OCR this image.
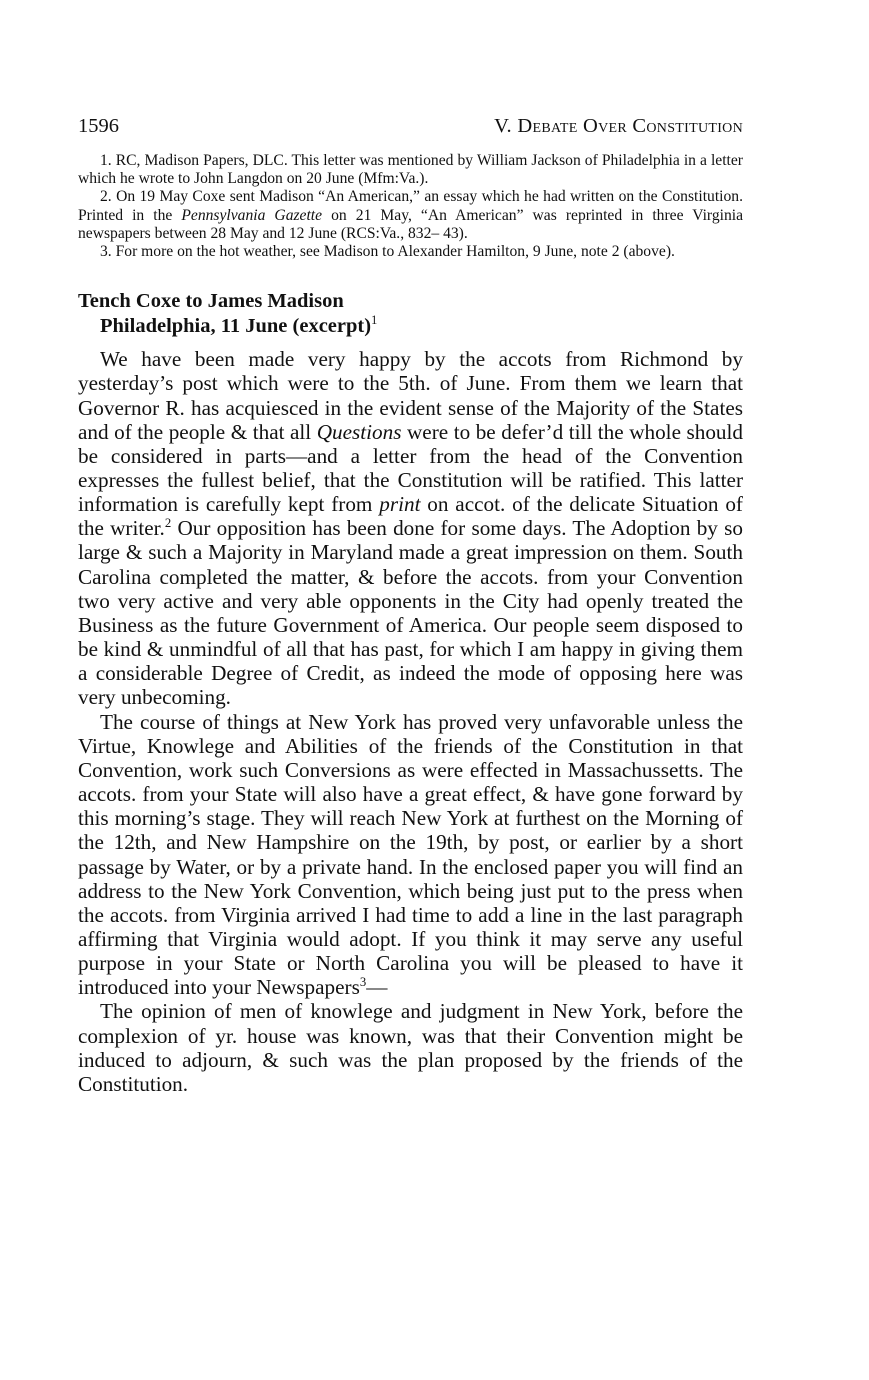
1596	V. Debate Over Constitution

1. RC, Madison Papers, DLC. This letter was mentioned by William Jackson of Philadelphia in a letter which he wrote to John Langdon on 20 June (Mfm:Va.).

2. On 19 May Coxe sent Madison “An American,” an essay which he had written on the Constitution. Printed in the Pennsylvania Gazette on 21 May, “An American” was reprinted in three Virginia newspapers between 28 May and 12 June (RCS:Va., 832– 43).

3. For more on the hot weather, see Madison to Alexander Hamilton, 9 June, note 2 (above).

Tench Coxe to James Madison
Philadelphia, 11 June (excerpt)$^1$

We have been made very happy by the accots from Richmond by yesterday’s post which were to the 5th. of June. From them we learn that Governor R. has acquiesced in the evident sense of the Majority of the States and of the people & that all Questions were to be defer’d till the whole should be considered in parts—and a letter from the head of the Convention expresses the fullest belief, that the Constitution will be ratified. This latter information is carefully kept from print on accot. of the delicate Situation of the writer.$^2$ Our opposition has been done for some days. The Adoption by so large & such a Majority in Maryland made a great impression on them. South Carolina completed the matter, & before the accots. from your Convention two very active and very able opponents in the City had openly treated the Business as the future Government of America. Our people seem disposed to be kind & unmindful of all that has past, for which I am happy in giving them a considerable Degree of Credit, as indeed the mode of opposing here was very unbecoming.

The course of things at New York has proved very unfavorable unless the Virtue, Knowlege and Abilities of the friends of the Constitution in that Convention, work such Conversions as were effected in Massachussetts. The accots. from your State will also have a great effect, & have gone forward by this morning’s stage. They will reach New York at furthest on the Morning of the 12th, and New Hampshire on the 19th, by post, or earlier by a short passage by Water, or by a private hand. In the enclosed paper you will find an address to the New York Convention, which being just put to the press when the accots. from Virginia arrived I had time to add a line in the last paragraph affirming that Virginia would adopt. If you think it may serve any useful purpose in your State or North Carolina you will be pleased to have it introduced into your Newspapers$^3$—

The opinion of men of knowlege and judgment in New York, before the complexion of yr. house was known, was that their Convention might be induced to adjourn, & such was the plan proposed by the friends of the Constitution.
